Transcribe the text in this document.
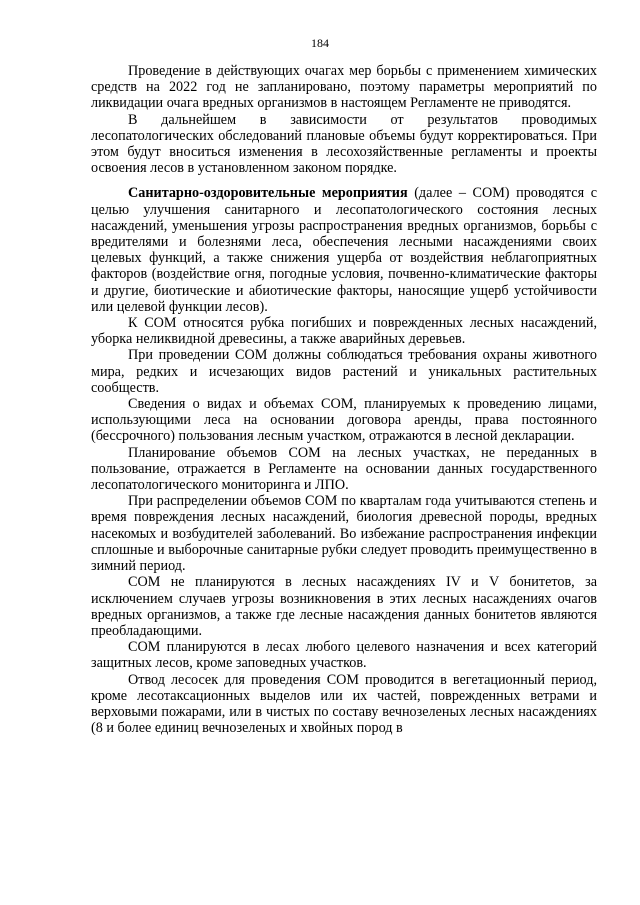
184

Проведение в действующих очагах мер борьбы с применением химических средств на 2022 год не запланировано, поэтому параметры мероприятий по ликвидации очага вредных организмов в настоящем Регламенте не приводятся.

В дальнейшем в зависимости от результатов проводимых лесопатологических обследований плановые объемы будут корректироваться. При этом будут вноситься изменения в лесохозяйственные регламенты и проекты освоения лесов в установленном законом порядке.

Санитарно-оздоровительные мероприятия (далее – СОМ) проводятся с целью улучшения санитарного и лесопатологического состояния лесных насаждений, уменьшения угрозы распространения вредных организмов, борьбы с вредителями и болезнями леса, обеспечения лесными насаждениями своих целевых функций, а также снижения ущерба от воздействия неблагоприятных факторов (воздействие огня, погодные условия, почвенно-климатические факторы и другие, биотические и абиотические факторы, наносящие ущерб устойчивости или целевой функции лесов).

К СОМ относятся рубка погибших и поврежденных лесных насаждений, уборка неликвидной древесины, а также аварийных деревьев.

При проведении СОМ должны соблюдаться требования охраны животного мира, редких и исчезающих видов растений и уникальных растительных сообществ.

Сведения о видах и объемах СОМ, планируемых к проведению лицами, использующими леса на основании договора аренды, права постоянного (бессрочного) пользования лесным участком, отражаются в лесной декларации.

Планирование объемов СОМ на лесных участках, не переданных в пользование, отражается в Регламенте на основании данных государственного лесопатологического мониторинга и ЛПО.

При распределении объемов СОМ по кварталам года учитываются степень и время повреждения лесных насаждений, биология древесной породы, вредных насекомых и возбудителей заболеваний. Во избежание распространения инфекции сплошные и выборочные санитарные рубки следует проводить преимущественно в зимний период.

СОМ не планируются в лесных насаждениях IV и V бонитетов, за исключением случаев угрозы возникновения в этих лесных насаждениях очагов вредных организмов, а также где лесные насаждения данных бонитетов являются преобладающими.

СОМ планируются в лесах любого целевого назначения и всех категорий защитных лесов, кроме заповедных участков.

Отвод лесосек для проведения СОМ проводится в вегетационный период, кроме лесотаксационных выделов или их частей, поврежденных ветрами и верховыми пожарами, или в чистых по составу вечнозеленых лесных насаждениях (8 и более единиц вечнозеленых и хвойных пород в
